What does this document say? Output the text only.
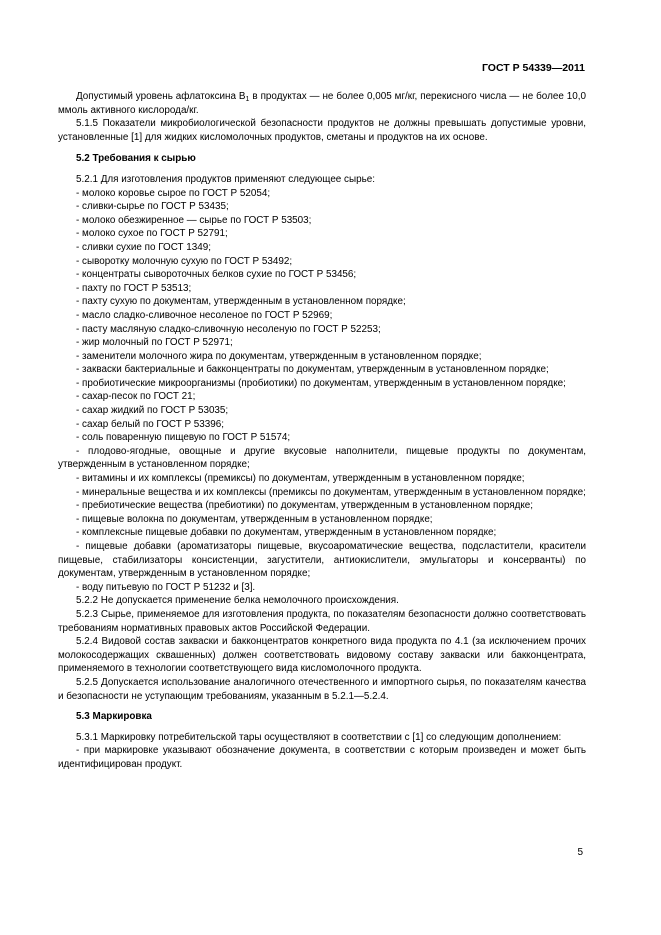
ГОСТ Р 54339—2011

Допустимый уровень афлатоксина $В_1$ в продуктах — не более 0,005 мг/кг, перекисного числа — не более 10,0 ммоль активного кислорода/кг.

5.1.5 Показатели микробиологической безопасности продуктов не должны превышать допустимые уровни, установленные [1] для жидких кисломолочных продуктов, сметаны и продуктов на их основе.

5.2 Требования к сырью

5.2.1 Для изготовления продуктов применяют следующее сырье:

- молоко коровье сырое по ГОСТ Р 52054;

- сливки-сырье по ГОСТ Р 53435;

- молоко обезжиренное — сырье по ГОСТ Р 53503;

- молоко сухое по ГОСТ Р 52791;

- сливки сухие по ГОСТ 1349;

- сыворотку молочную сухую по ГОСТ Р 53492;

- концентраты сывороточных белков сухие по ГОСТ Р 53456;

- пахту по ГОСТ Р 53513;

- пахту сухую по документам, утвержденным в установленном порядке;

- масло сладко-сливочное несоленое по ГОСТ Р 52969;

- пасту масляную сладко-сливочную несоленую по ГОСТ Р 52253;

- жир молочный по ГОСТ Р 52971;

- заменители молочного жира по документам, утвержденным в установленном порядке;

- закваски бактериальные и бакконцентраты по документам, утвержденным в установленном порядке;

- пробиотические микроорганизмы (пробиотики) по документам, утвержденным в установленном порядке;

- сахар-песок по ГОСТ 21;

- сахар жидкий по ГОСТ Р 53035;

- сахар белый по ГОСТ Р 53396;

- соль поваренную пищевую по ГОСТ Р 51574;

- плодово-ягодные, овощные и другие вкусовые наполнители, пищевые продукты по документам, утвержденным в установленном порядке;

- витамины и их комплексы (премиксы) по документам, утвержденным в установленном порядке;

- минеральные вещества и их комплексы (премиксы по документам, утвержденным в установленном порядке;

- пребиотические вещества (пребиотики) по документам, утвержденным в установленном порядке;

- пищевые волокна по документам, утвержденным в установленном порядке;

- комплексные пищевые добавки по документам, утвержденным в установленном порядке;

- пищевые добавки (ароматизаторы пищевые, вкусоароматические вещества, подсластители, красители пищевые, стабилизаторы консистенции, загустители, антиокислители, эмульгаторы и консерванты) по документам, утвержденным в установленном порядке;

- воду питьевую по ГОСТ Р 51232 и [3].

5.2.2 Не допускается применение белка немолочного происхождения.

5.2.3 Сырье, применяемое для изготовления продукта, по показателям безопасности должно соответствовать требованиям нормативных правовых актов Российской Федерации.

5.2.4 Видовой состав закваски и бакконцентратов конкретного вида продукта по 4.1 (за исключением прочих молокосодержащих сквашенных) должен соответствовать видовому составу закваски или бакконцентрата, применяемого в технологии соответствующего вида кисломолочного продукта.

5.2.5 Допускается использование аналогичного отечественного и импортного сырья, по показателям качества и безопасности не уступающим требованиям, указанным в 5.2.1—5.2.4.

5.3 Маркировка

5.3.1 Маркировку потребительской тары осуществляют в соответствии с [1] со следующим дополнением:

- при маркировке указывают обозначение документа, в соответствии с которым произведен и может быть идентифицирован продукт.

5
